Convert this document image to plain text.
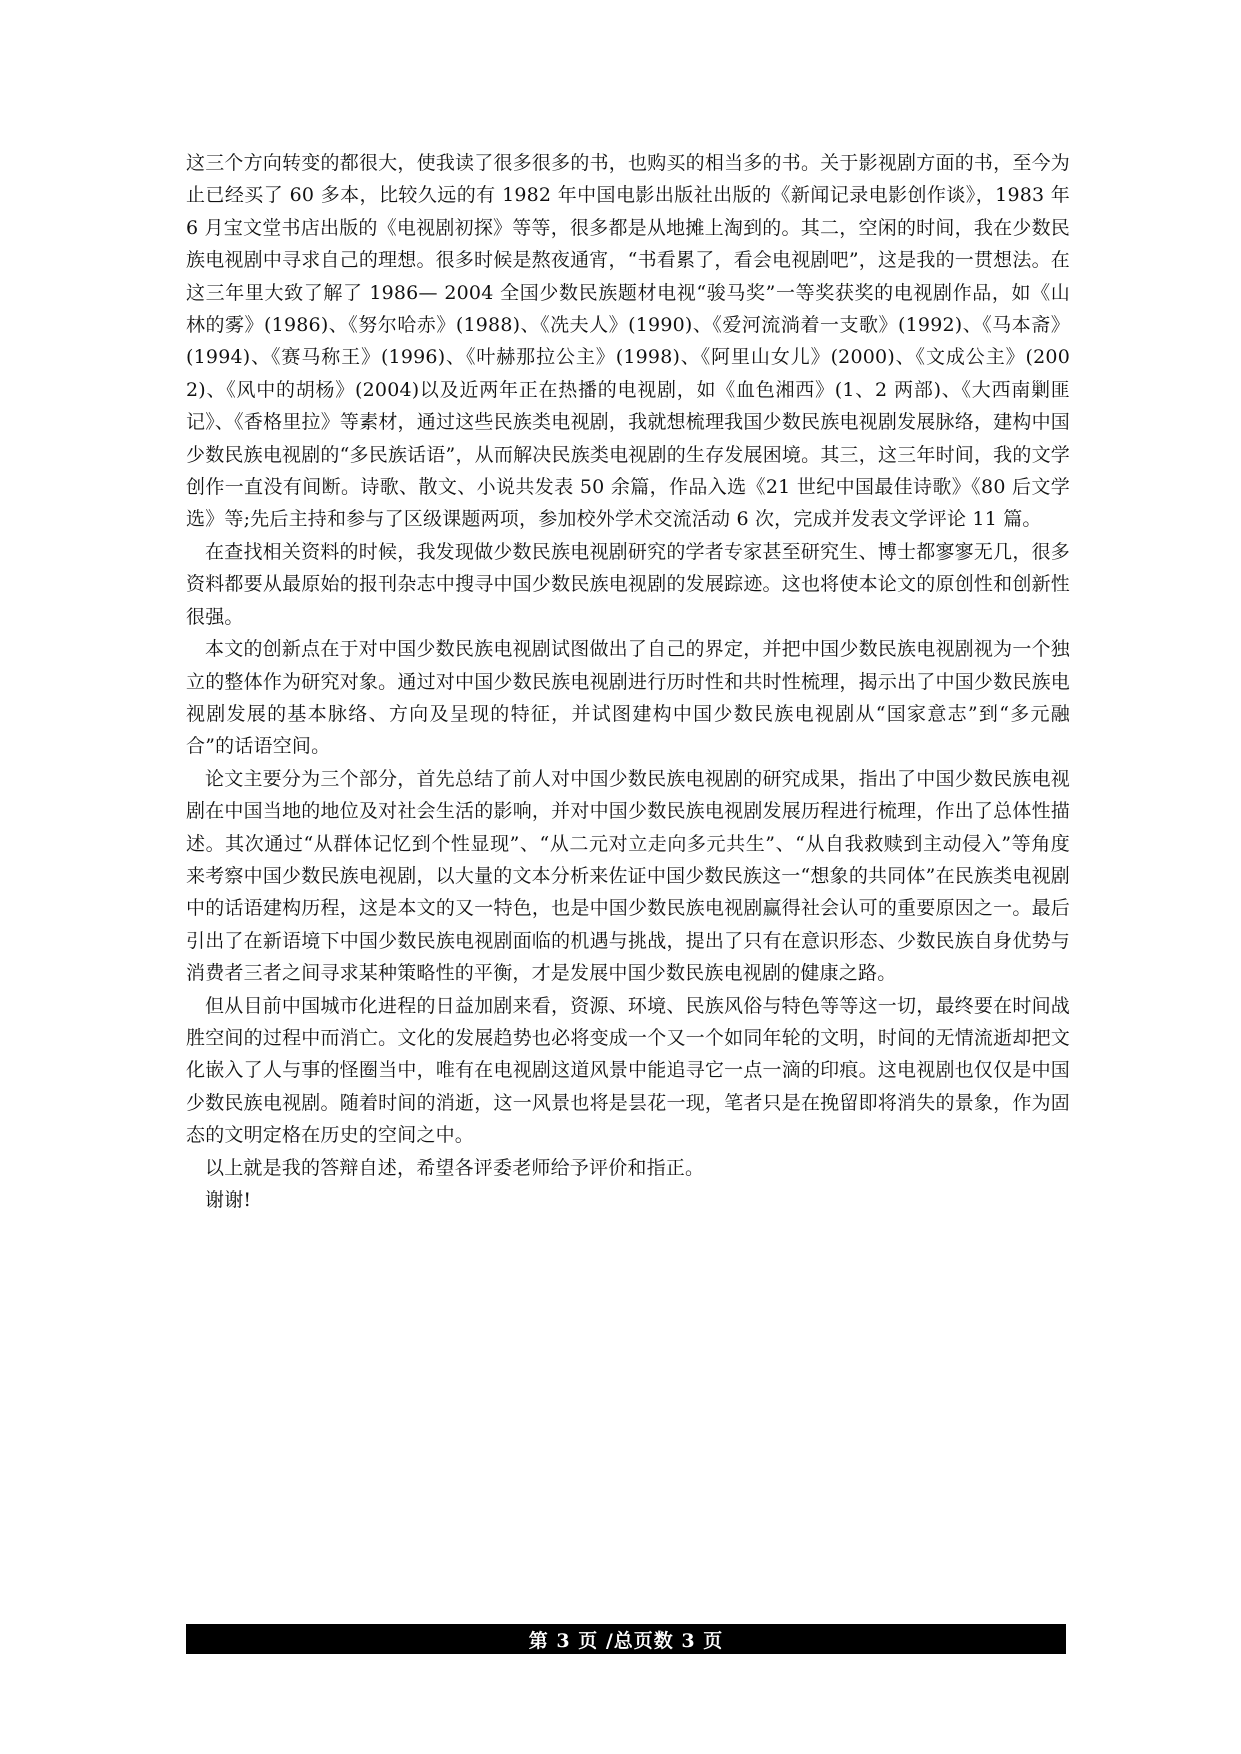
这三个方向转变的都很大，使我读了很多很多的书，也购买的相当多的书。关于影视剧方面的书，至今为止已经买了 60 多本，比较久远的有 1982 年中国电影出版社出版的《新闻记录电影创作谈》，1983 年 6 月宝文堂书店出版的《电视剧初探》等等，很多都是从地摊上淘到的。其二，空闲的时间，我在少数民族电视剧中寻求自己的理想。很多时候是熬夜通宵，“书看累了，看会电视剧吧”，这是我的一贯想法。在这三年里大致了解了 1986— 2004 全国少数民族题材电视“骏马奖”一等奖获奖的电视剧作品，如《山林的雾》(1986)、《努尔哈赤》(1988)、《冼夫人》(1990)、《爱河流淌着一支歌》(1992)、《马本斋》(1994)、《赛马称王》(1996)、《叶赫那拉公主》(1998)、《阿里山女儿》(2000)、《文成公主》(2002)、《风中的胡杨》(2004)以及近两年正在热播的电视剧，如《血色湘西》(1、2 两部)、《大西南剿匪记》、《香格里拉》等素材，通过这些民族类电视剧，我就想梳理我国少数民族电视剧发展脉络，建构中国少数民族电视剧的“多民族话语”，从而解决民族类电视剧的生存发展困境。其三，这三年时间，我的文学创作一直没有间断。诗歌、散文、小说共发表 50 余篇，作品入选《21 世纪中国最佳诗歌》《80 后文学选》等;先后主持和参与了区级课题两项，参加校外学术交流活动 6 次，完成并发表文学评论 11 篇。

在查找相关资料的时候，我发现做少数民族电视剧研究的学者专家甚至研究生、博士都寥寥无几，很多资料都要从最原始的报刊杂志中搜寻中国少数民族电视剧的发展踪迹。这也将使本论文的原创性和创新性很强。

本文的创新点在于对中国少数民族电视剧试图做出了自己的界定，并把中国少数民族电视剧视为一个独立的整体作为研究对象。通过对中国少数民族电视剧进行历时性和共时性梳理，揭示出了中国少数民族电视剧发展的基本脉络、方向及呈现的特征，并试图建构中国少数民族电视剧从“国家意志”到“多元融合”的话语空间。

论文主要分为三个部分，首先总结了前人对中国少数民族电视剧的研究成果，指出了中国少数民族电视剧在中国当地的地位及对社会生活的影响，并对中国少数民族电视剧发展历程进行梳理，作出了总体性描述。其次通过“从群体记忆到个性显现”、“从二元对立走向多元共生”、“从自我救赎到主动侵入”等角度来考察中国少数民族电视剧，以大量的文本分析来佐证中国少数民族这一“想象的共同体”在民族类电视剧中的话语建构历程，这是本文的又一特色，也是中国少数民族电视剧赢得社会认可的重要原因之一。最后引出了在新语境下中国少数民族电视剧面临的机遇与挑战，提出了只有在意识形态、少数民族自身优势与消费者三者之间寻求某种策略性的平衡，才是发展中国少数民族电视剧的健康之路。

但从目前中国城市化进程的日益加剧来看，资源、环境、民族风俗与特色等等这一切，最终要在时间战胜空间的过程中而消亡。文化的发展趋势也必将变成一个又一个如同年轮的文明，时间的无情流逝却把文化嵌入了人与事的怪圈当中，唯有在电视剧这道风景中能追寻它一点一滴的印痕。这电视剧也仅仅是中国少数民族电视剧。随着时间的消逝，这一风景也将是昙花一现，笔者只是在挽留即将消失的景象，作为固态的文明定格在历史的空间之中。

以上就是我的答辩自述，希望各评委老师给予评价和指正。

谢谢!

第 3 页 /总页数 3 页
